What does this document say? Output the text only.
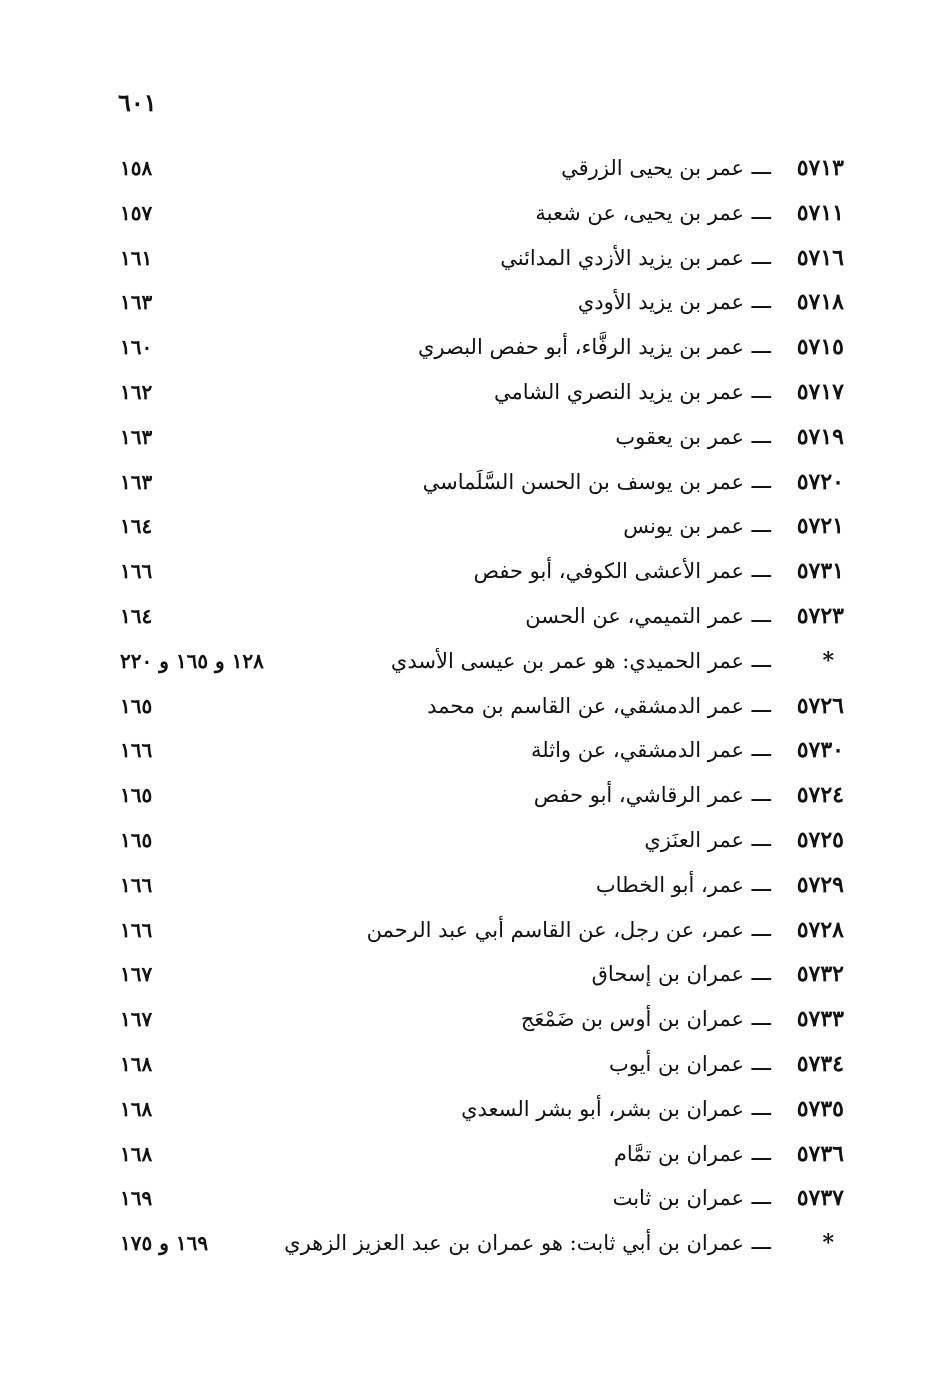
٦٠١
٥٧١٣
ـــ
عمر بن يحيى الزرقي
١٥٨
٥٧١١
ـــ
عمر بن يحيى، عن شعبة
١٥٧
٥٧١٦
ـــ
عمر بن يزيد الأزدي المدائني
١٦١
٥٧١٨
ـــ
عمر بن يزيد الأودي
١٦٣
٥٧١٥
ـــ
عمر بن يزيد الرفَّاء، أبو حفص البصري
١٦٠
٥٧١٧
ـــ
عمر بن يزيد النصري الشامي
١٦٢
٥٧١٩
ـــ
عمر بن يعقوب
١٦٣
٥٧٢٠
ـــ
عمر بن يوسف بن الحسن السَّلَماسي
١٦٣
٥٧٢١
ـــ
عمر بن يونس
١٦٤
٥٧٣١
ـــ
عمر الأعشى الكوفي، أبو حفص
١٦٦
٥٧٢٣
ـــ
عمر التميمي، عن الحسن
١٦٤
*
ـــ
عمر الحميدي: هو عمر بن عيسى الأسدي
١٢٨ و ١٦٥ و ٢٢٠
٥٧٢٦
ـــ
عمر الدمشقي، عن القاسم بن محمد
١٦٥
٥٧٣٠
ـــ
عمر الدمشقي، عن واثلة
١٦٦
٥٧٢٤
ـــ
عمر الرقاشي، أبو حفص
١٦٥
٥٧٢٥
ـــ
عمر العنَزي
١٦٥
٥٧٢٩
ـــ
عمر، أبو الخطاب
١٦٦
٥٧٢٨
ـــ
عمر، عن رجل، عن القاسم أبي عبد الرحمن
١٦٦
٥٧٣٢
ـــ
عمران بن إسحاق
١٦٧
٥٧٣٣
ـــ
عمران بن أوس بن ضَمْعَج
١٦٧
٥٧٣٤
ـــ
عمران بن أيوب
١٦٨
٥٧٣٥
ـــ
عمران بن بشر، أبو بشر السعدي
١٦٨
٥٧٣٦
ـــ
عمران بن تمَّام
١٦٨
٥٧٣٧
ـــ
عمران بن ثابت
١٦٩
*
ـــ
عمران بن أبي ثابت: هو عمران بن عبد العزيز الزهري
١٦٩ و ١٧٥
